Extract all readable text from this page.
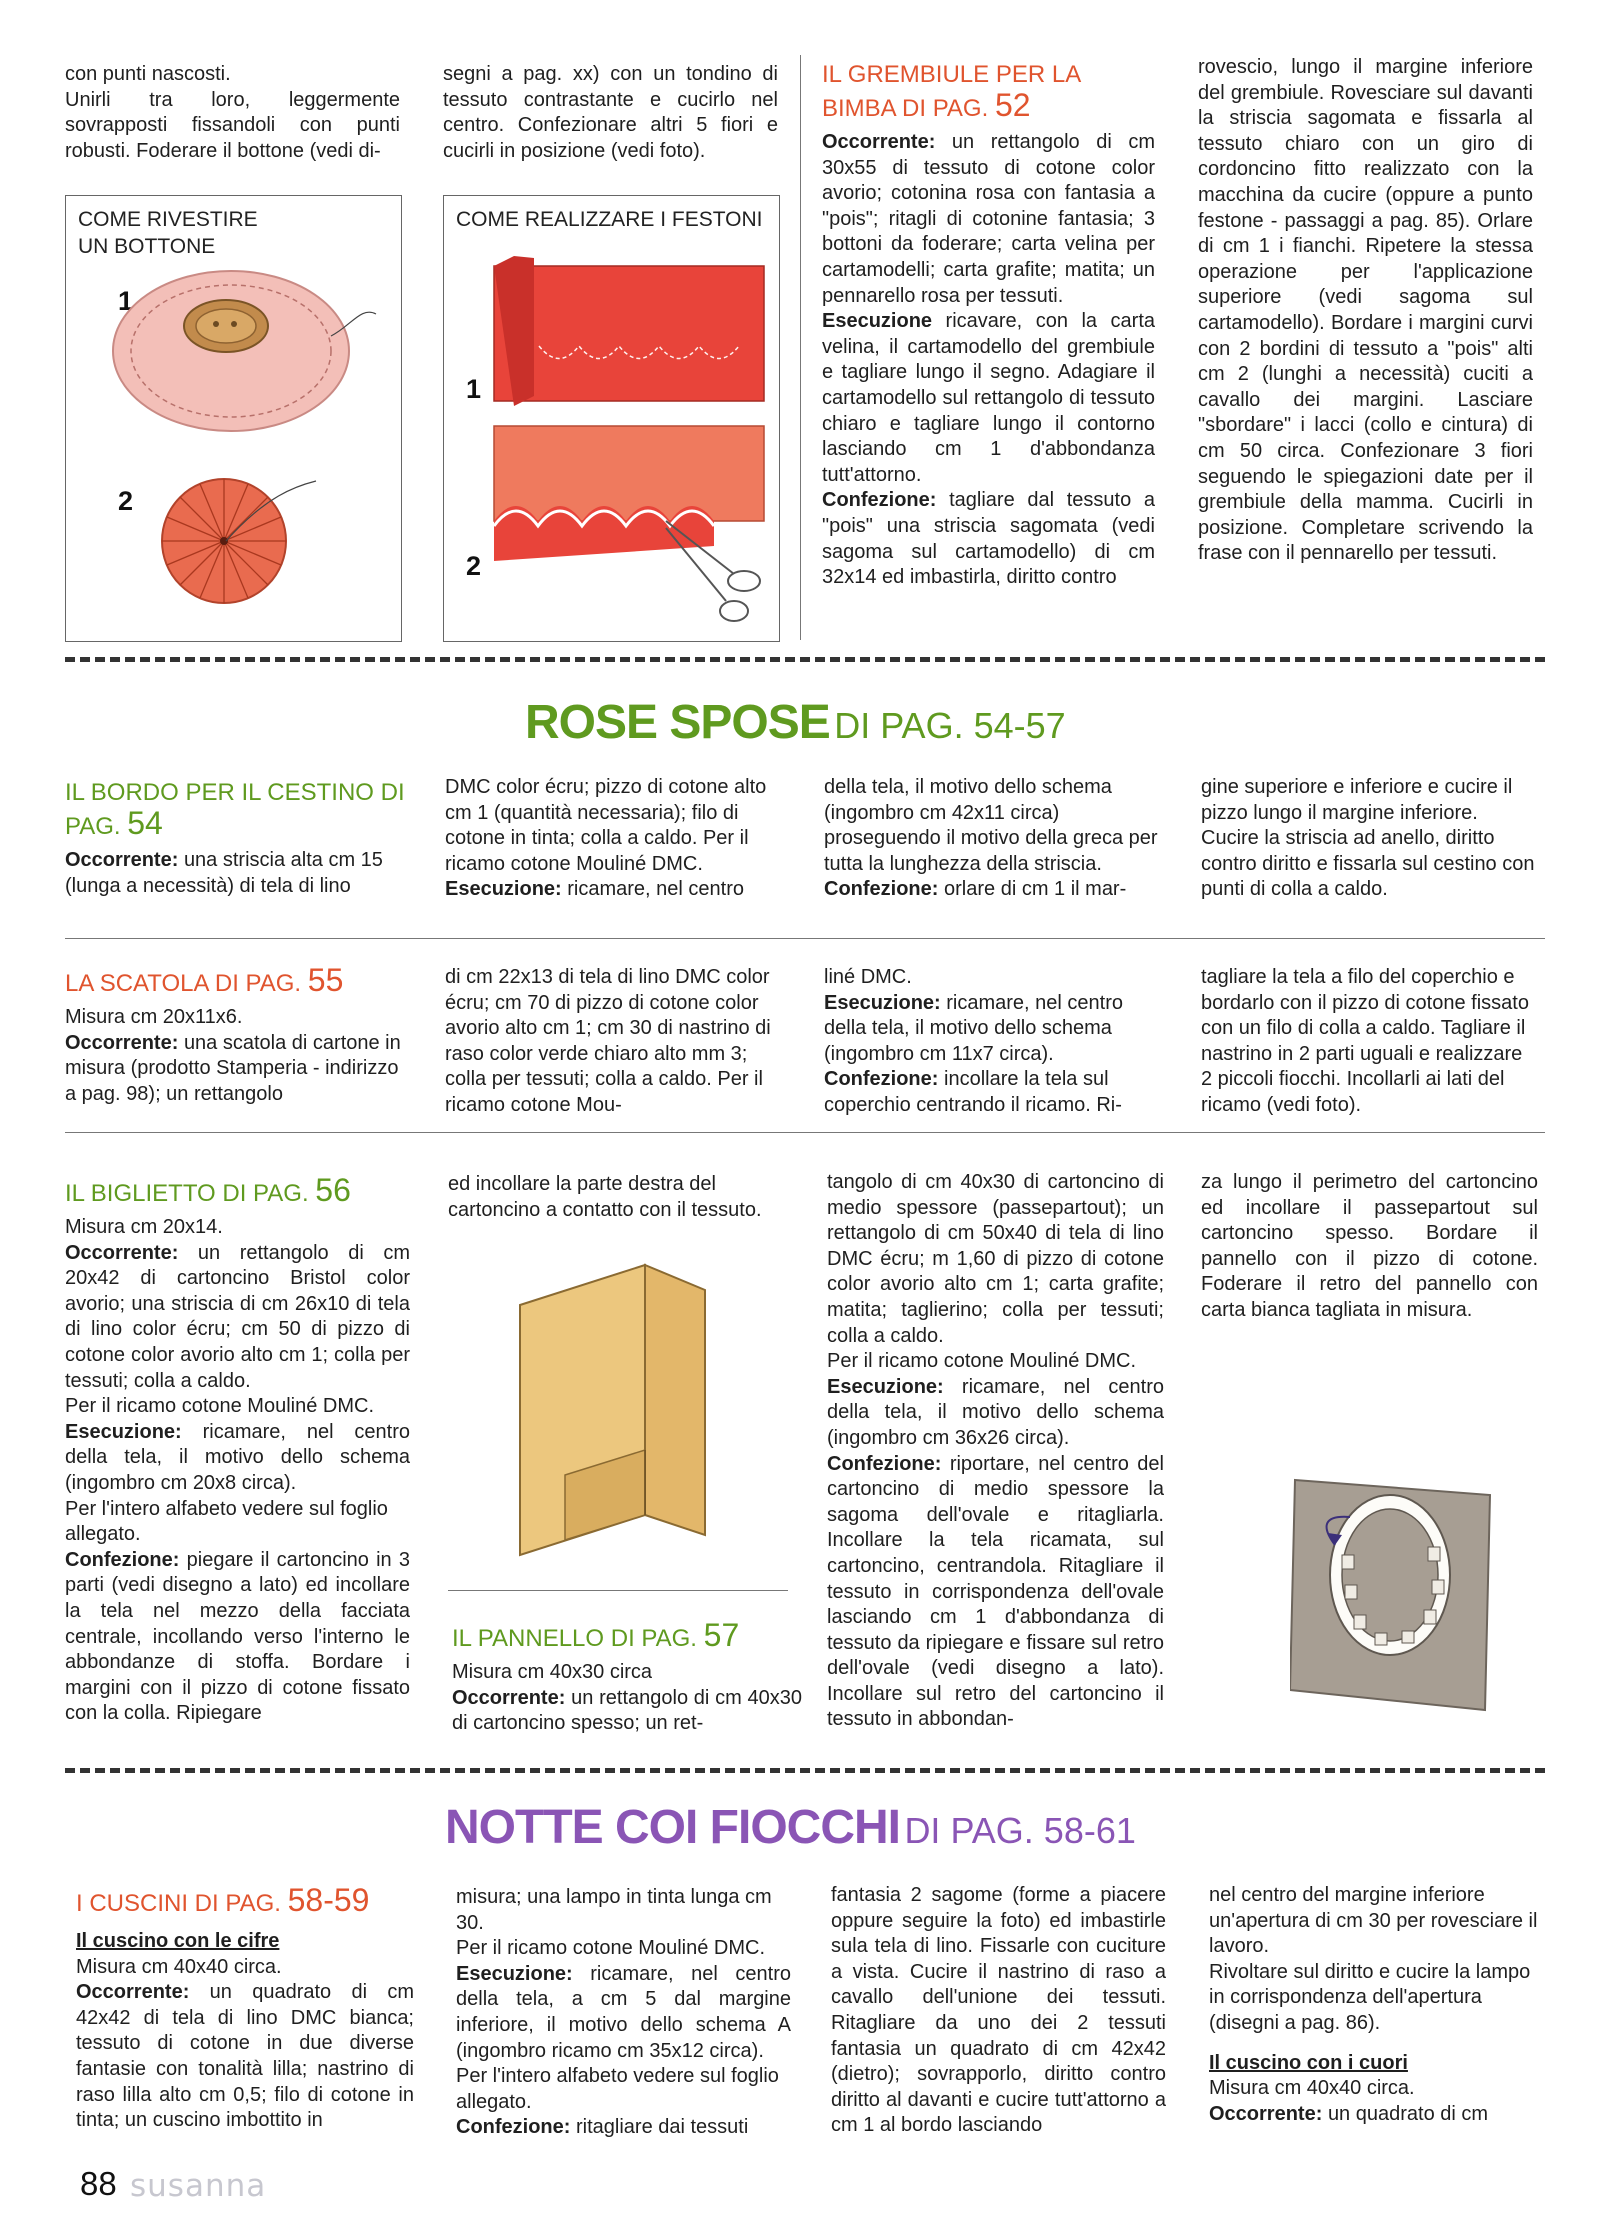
con punti nascosti.

Unirli tra loro, leggermente sovrapposti fissandoli con punti robusti. Foderare il bottone (vedi di-

segni a pag. xx) con un tondino di tessuto contrastante e cucirlo nel centro. Confezionare altri 5 fiori e cucirli in posizione (vedi foto).

COME RIVESTIRE UN BOTTONE
1
2
COME REALIZZARE I FESTONI
1
2
IL GREMBIULE PER LA BIMBA DI PAG. 52

Occorrente: un rettangolo di cm 30x55 di tessuto di cotone color avorio; cotonina rosa con fantasia a "pois"; ritagli di cotonine fantasia; 3 bottoni da foderare; carta velina per cartamodelli; carta grafite; matita; un pennarello rosa per tessuti.

Esecuzione ricavare, con la carta velina, il cartamodello del grembiule e tagliare lungo il segno. Adagiare il cartamodello sul rettangolo di tessuto chiaro e tagliare lungo il contorno lasciando cm 1 d'abbondanza tutt'attorno.

Confezione: tagliare dal tessuto a "pois" una striscia sagomata (vedi sagoma sul cartamodello) di cm 32x14 ed imbastirla, diritto contro

rovescio, lungo il margine inferiore del grembiule. Rovesciare sul davanti la striscia sagomata e fissarla al tessuto chiaro con un giro di cordoncino fitto realizzato con la macchina da cucire (oppure a punto festone - passaggi a pag. 85). Orlare di cm 1 i fianchi. Ripetere la stessa operazione per l'applicazione superiore (vedi sagoma sul cartamodello). Bordare i margini curvi con 2 bordini di tessuto a "pois" alti cm 2 (lunghi a necessità) cuciti a cavallo dei margini. Lasciare "sbordare" i lacci (collo e cintura) di cm 50 circa. Confezionare 3 fiori seguendo le spiegazioni date per il grembiule della mamma. Cucirli in posizione. Completare scrivendo la frase con il pennarello per tessuti.

ROSE SPOSE DI PAG. 54-57
IL BORDO PER IL CESTINO DI PAG. 54

Occorrente: una striscia alta cm 15 (lunga a necessità) di tela di lino

DMC color écru; pizzo di cotone alto cm 1 (quantità necessaria); filo di cotone in tinta; colla a caldo. Per il ricamo cotone Mouliné DMC.

Esecuzione: ricamare, nel centro

della tela, il motivo dello schema (ingombro cm 42x11 circa) proseguendo il motivo della greca per tutta la lunghezza della striscia.

Confezione: orlare di cm 1 il mar-

gine superiore e inferiore e cucire il pizzo lungo il margine inferiore. Cucire la striscia ad anello, diritto contro diritto e fissarla sul cestino con punti di colla a caldo.

LA SCATOLA DI PAG. 55

Misura cm 20x11x6.

Occorrente: una scatola di cartone in misura (prodotto Stamperia - indirizzo a pag. 98); un rettangolo

di cm 22x13 di tela di lino DMC color écru; cm 70 di pizzo di cotone color avorio alto cm 1; cm 30 di nastrino di raso color verde chiaro alto mm 3; colla per tessuti; colla a caldo. Per il ricamo cotone Mou-

liné DMC.

Esecuzione: ricamare, nel centro della tela, il motivo dello schema (ingombro cm 11x7 circa).

Confezione: incollare la tela sul coperchio centrando il ricamo. Ri-

tagliare la tela a filo del coperchio e bordarlo con il pizzo di cotone fissato con un filo di colla a caldo. Tagliare il nastrino in 2 parti uguali e realizzare 2 piccoli fiocchi. Incollarli ai lati del ricamo (vedi foto).

IL BIGLIETTO DI PAG. 56

Misura cm 20x14.

Occorrente: un rettangolo di cm 20x42 di cartoncino Bristol color avorio; una striscia di cm 26x10 di tela di lino color écru; cm 50 di pizzo di cotone color avorio alto cm 1; colla per tessuti; colla a caldo.

Per il ricamo cotone Mouliné DMC.

Esecuzione: ricamare, nel centro della tela, il motivo dello schema (ingombro cm 20x8 circa).

Per l'intero alfabeto vedere sul foglio allegato.

Confezione: piegare il cartoncino in 3 parti (vedi disegno a lato) ed incollare la tela nel mezzo della facciata centrale, incollando verso l'interno le abbondanze di stoffa. Bordare i margini con il pizzo di cotone fissato con la colla. Ripiegare

ed incollare la parte destra del cartoncino a contatto con il tessuto.

IL PANNELLO DI PAG. 57

Misura cm 40x30 circa

Occorrente: un rettangolo di cm 40x30 di cartoncino spesso; un ret-

tangolo di cm 40x30 di cartoncino di medio spessore (passepartout); un rettangolo di cm 50x40 di tela di lino DMC écru; m 1,60 di pizzo di cotone color avorio alto cm 1; carta grafite; matita; taglierino; colla per tessuti; colla a caldo.

Per il ricamo cotone Mouliné DMC.

Esecuzione: ricamare, nel centro della tela, il motivo dello schema (ingombro cm 36x26 circa).

Confezione: riportare, nel centro del cartoncino di medio spessore la sagoma dell'ovale e ritagliarla. Incollare la tela ricamata, sul cartoncino, centrandola. Ritagliare il tessuto in corrispondenza dell'ovale lasciando cm 1 d'abbondanza di tessuto da ripiegare e fissare sul retro dell'ovale (vedi disegno a lato). Incollare sul retro del cartoncino il tessuto in abbondan-

za lungo il perimetro del cartoncino ed incollare il passepartout sul cartoncino spesso. Bordare il pannello con il pizzo di cotone. Foderare il retro del pannello con carta bianca tagliata in misura.

NOTTE COI FIOCCHI DI PAG. 58-61
I CUSCINI DI PAG. 58-59

Il cuscino con le cifre

Misura cm 40x40 circa.

Occorrente: un quadrato di cm 42x42 di tela di lino DMC bianca; tessuto di cotone in due diverse fantasie con tonalità lilla; nastrino di raso lilla alto cm 0,5; filo di cotone in tinta; un cuscino imbottito in

misura; una lampo in tinta lunga cm 30.

Per il ricamo cotone Mouliné DMC.

Esecuzione: ricamare, nel centro della tela, a cm 5 dal margine inferiore, il motivo dello schema A (ingombro ricamo cm 35x12 circa).

Per l'intero alfabeto vedere sul foglio allegato.

Confezione: ritagliare dai tessuti

fantasia 2 sagome (forme a piacere oppure seguire la foto) ed imbastirle sula tela di lino. Fissarle con cuciture a vista. Cucire il nastrino di raso a cavallo dell'unione dei tessuti. Ritagliare da uno dei 2 tessuti fantasia un quadrato di cm 42x42 (dietro); sovrapporlo, diritto contro diritto al davanti e cucire tutt'attorno a cm 1 al bordo lasciando

nel centro del margine inferiore un'apertura di cm 30 per rovesciare il lavoro.

Rivoltare sul diritto e cucire la lampo in corrispondenza dell'apertura (disegni a pag. 86).

Il cuscino con i cuori

Misura cm 40x40 circa.

Occorrente: un quadrato di cm

88 susanna
